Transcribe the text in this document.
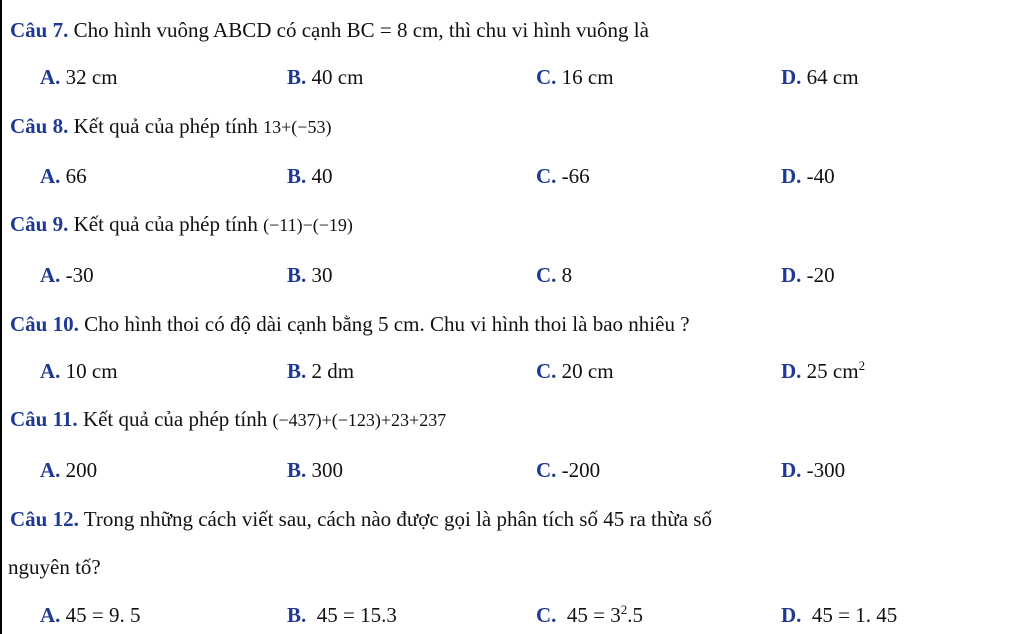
Câu 7. Cho hình vuông ABCD có cạnh BC = 8 cm, thì chu vi hình vuông là
A. 32 cm	B. 40 cm	C. 16 cm	D. 64 cm
Câu 8. Kết quả của phép tính 13+(−53)
A. 66	B. 40	C. -66	D. -40
Câu 9. Kết quả của phép tính (−11)−(−19)
A. -30	B. 30	C. 8	D. -20
Câu 10. Cho hình thoi có độ dài cạnh bằng 5 cm. Chu vi hình thoi là bao nhiêu ?
A. 10 cm	B. 2 dm	C. 20 cm	D. 25 $cm^2$
Câu 11. Kết quả của phép tính (−437)+(−123)+23+237
A. 200	B. 300	C. -200	D. -300
Câu 12. Trong những cách viết sau, cách nào được gọi là phân tích số 45 ra thừa số
nguyên tố?
A. 45 = 9. 5	B. 45 = 15.3	C. $45 = 3^2.5$	D. 45 = 1. 45
